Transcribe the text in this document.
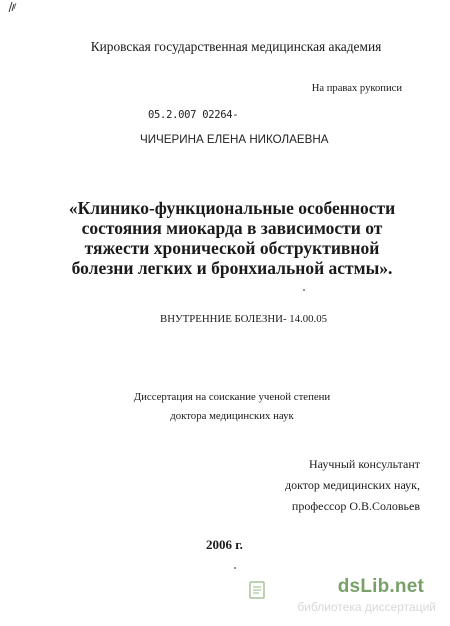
Кировская государственная медицинская академия
На правах рукописи
05.2.007 02264-
ЧИЧЕРИНА ЕЛЕНА НИКОЛАЕВНА
«Клинико-функциональные особенности
состояния миокарда в зависимости от
тяжести хронической обструктивной
болезни легких и бронхиальной астмы».
ВНУТРЕННИЕ БОЛЕЗНИ- 14.00.05
Диссертация на соискание ученой степени
доктора медицинских наук
Научный консультант
доктор медицинских наук,
профессор О.В.Соловьев
2006 г.
dsLib.net
библиотека диссертаций
